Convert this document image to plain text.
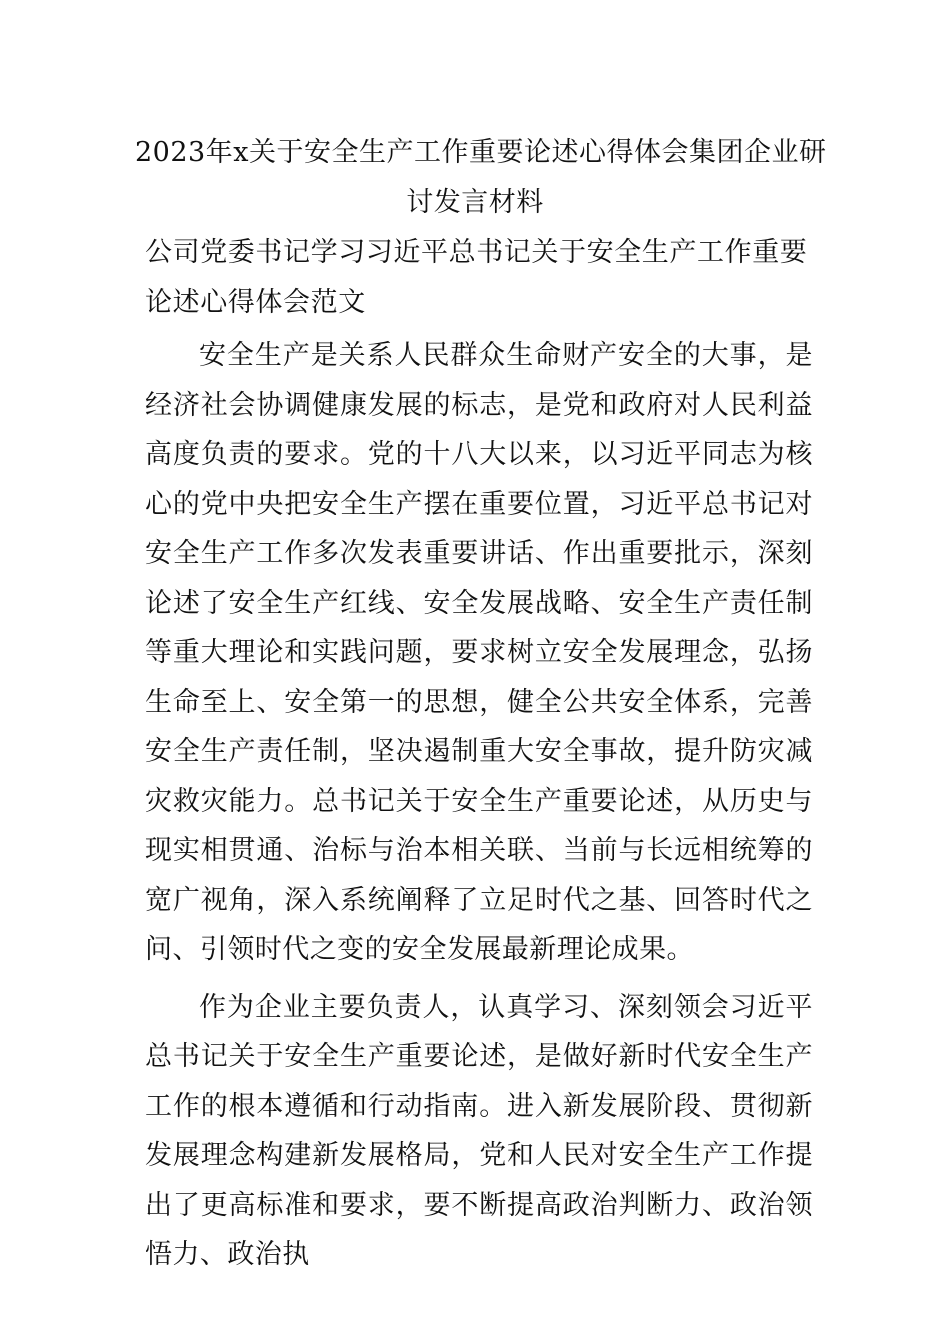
2023年x关于安全生产工作重要论述心得体会集团企业研
讨发言材料

公司党委书记学习习近平总书记关于安全生产工作重要论述心得体会范文

安全生产是关系人民群众生命财产安全的大事，是经济社会协调健康发展的标志，是党和政府对人民利益高度负责的要求。党的十八大以来，以习近平同志为核心的党中央把安全生产摆在重要位置，习近平总书记对安全生产工作多次发表重要讲话、作出重要批示，深刻论述了安全生产红线、安全发展战略、安全生产责任制等重大理论和实践问题，要求树立安全发展理念，弘扬生命至上、安全第一的思想，健全公共安全体系，完善安全生产责任制，坚决遏制重大安全事故，提升防灾减灾救灾能力。总书记关于安全生产重要论述，从历史与现实相贯通、治标与治本相关联、当前与长远相统筹的宽广视角，深入系统阐释了立足时代之基、回答时代之问、引领时代之变的安全发展最新理论成果。

作为企业主要负责人，认真学习、深刻领会习近平总书记关于安全生产重要论述，是做好新时代安全生产工作的根本遵循和行动指南。进入新发展阶段、贯彻新发展理念构建新发展格局，党和人民对安全生产工作提出了更高标准和要求，要不断提高政治判断力、政治领悟力、政治执
